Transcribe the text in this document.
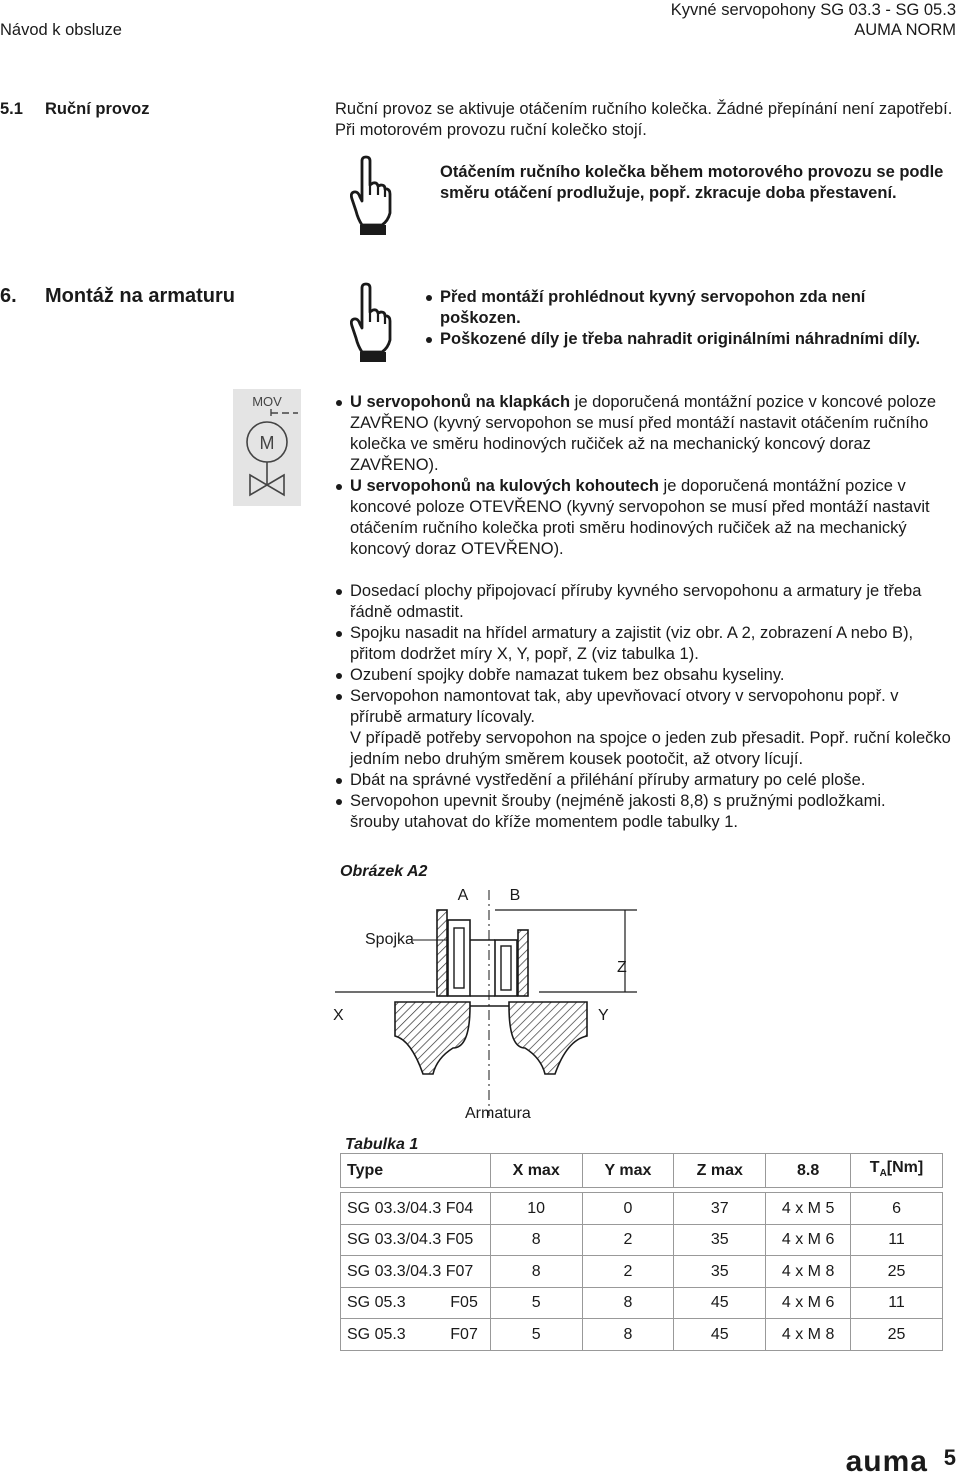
Návod k obsluze
Kyvné servopohony SG 03.3 - SG 05.3
AUMA NORM
5.1 Ruční provoz	Ruční provoz se aktivuje otáčením ručního kolečka. Žádné přepínání není zapotřebí. Při motorovém provozu ruční kolečko stojí.
Otáčením ručního kolečka během motorového provozu se podle směru otáčení prodlužuje, popř. zkracuje doba přestavení.
6. Montáž na armaturu	Před montáží prohlédnout kyvný servopohon zda není poškozen.
Poškozené díly je třeba nahradit originálními náhradními díly.
MOV
M
U servopohonů na klapkách je doporučená montážní pozice v koncové poloze ZAVŘENO (kyvný servopohon se musí před montáží nastavit otáčením ručního kolečka ve směru hodinových ručiček až na mechanický koncový doraz ZAVŘENO).
U servopohonů na kulových kohoutech je doporučená montážní pozice v koncové poloze OTEVŘENO (kyvný servopohon se musí před montáží nastavit otáčením ručního kolečka proti směru hodinových ručiček až na mechanický koncový doraz OTEVŘENO).
Dosedací plochy připojovací příruby kyvného servopohonu a armatury je třeba řádně odmastit.
Spojku nasadit na hřídel armatury a zajistit (viz obr. A 2, zobrazení A nebo B), přitom dodržet míry X, Y, popř, Z (viz tabulka 1).
Ozubení spojky dobře namazat tukem bez obsahu kyseliny.
Servopohon namontovat tak, aby upevňovací otvory v servopohonu popř. v přírubě armatury lícovaly.
V případě potřeby servopohon na spojce o jeden zub přesadit. Popř. ruční kolečko jedním nebo druhým směrem kousek pootočit, až otvory lícují.
Dbát na správné vystředění a přiléhání příruby armatury po celé ploše.
Servopohon upevnit šrouby (nejméně jakosti 8,8) s pružnými podložkami.
šrouby utahovat do kříže momentem podle tabulky 1.
Obrázek A2
A	B
Spojka
Z
X	Y
Armatura
Tabulka 1
Type		X max	Y max	Z max	8.8	$T_A[Nm]$

SG 03.3/04.3 F04		10	0	37	4 x M 5	6
SG 03.3/04.3 F05		8	2	35	4 x M 6	11
SG 03.3/04.3 F07		8	2	35	4 x M 8	25
SG 05.3	F05	5	8	45	4 x M 6	11
SG 05.3	F07	5	8	45	4 x M 8	25
auma 5
